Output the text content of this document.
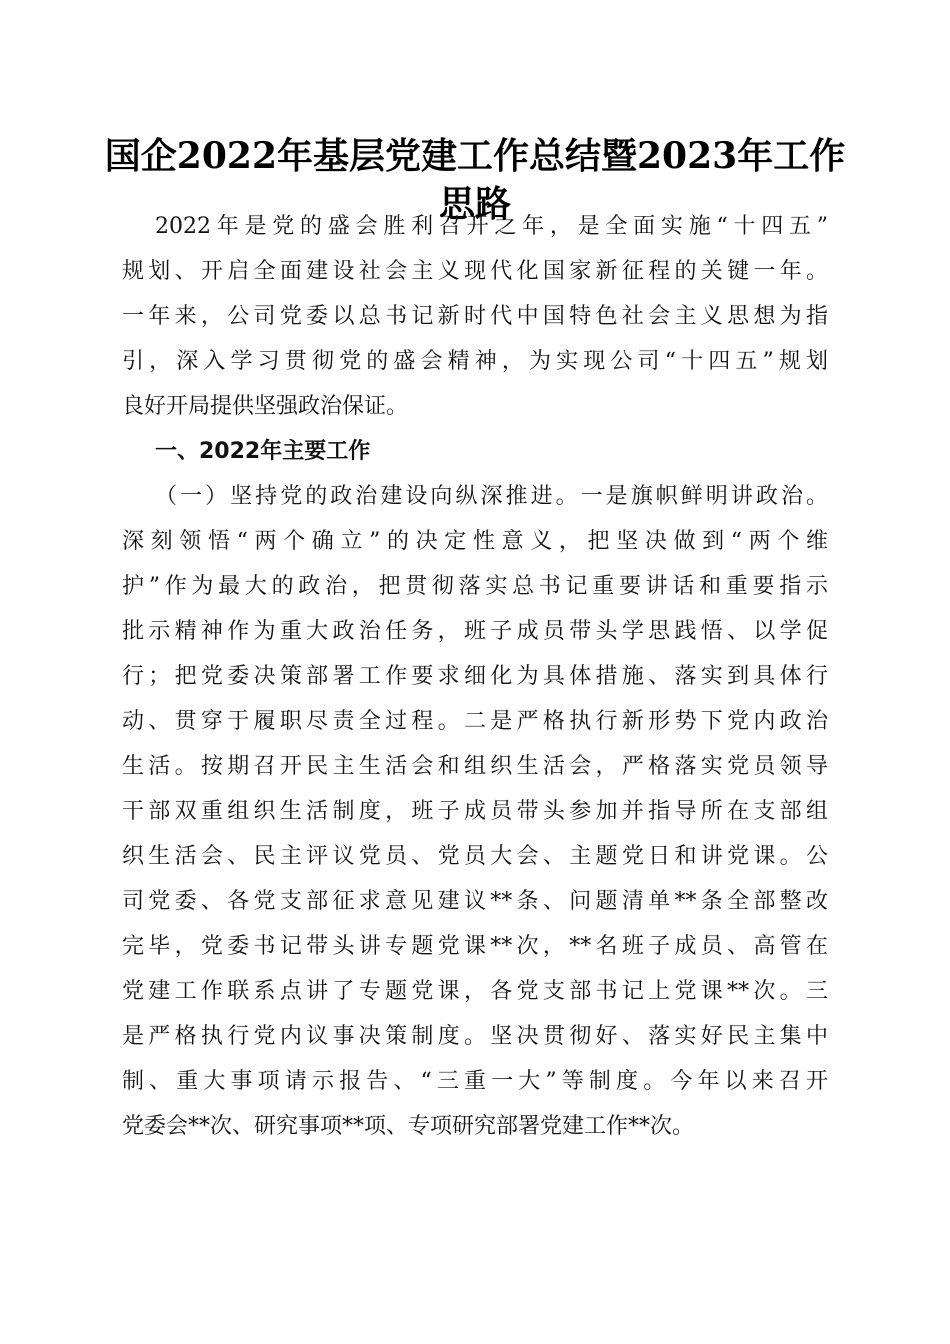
国企2022年基层党建工作总结暨2023年工作
思路
2022年是党的盛会胜利召开之年，是全面实施“十四五”
规划、开启全面建设社会主义现代化国家新征程的关键一年。
一年来，公司党委以总书记新时代中国特色社会主义思想为指
引，深入学习贯彻党的盛会精神，为实现公司“十四五”规划
良好开局提供坚强政治保证。
一、2022年主要工作
（一）坚持党的政治建设向纵深推进。一是旗帜鲜明讲政治。
深刻领悟“两个确立”的决定性意义，把坚决做到“两个维
护”作为最大的政治，把贯彻落实总书记重要讲话和重要指示
批示精神作为重大政治任务，班子成员带头学思践悟、以学促
行；把党委决策部署工作要求细化为具体措施、落实到具体行
动、贯穿于履职尽责全过程。二是严格执行新形势下党内政治
生活。按期召开民主生活会和组织生活会，严格落实党员领导
干部双重组织生活制度，班子成员带头参加并指导所在支部组
织生活会、民主评议党员、党员大会、主题党日和讲党课。公
司党委、各党支部征求意见建议**条、问题清单**条全部整改
完毕，党委书记带头讲专题党课**次，**名班子成员、高管在
党建工作联系点讲了专题党课，各党支部书记上党课**次。三
是严格执行党内议事决策制度。坚决贯彻好、落实好民主集中
制、重大事项请示报告、“三重一大”等制度。今年以来召开
党委会**次、研究事项**项、专项研究部署党建工作**次。
